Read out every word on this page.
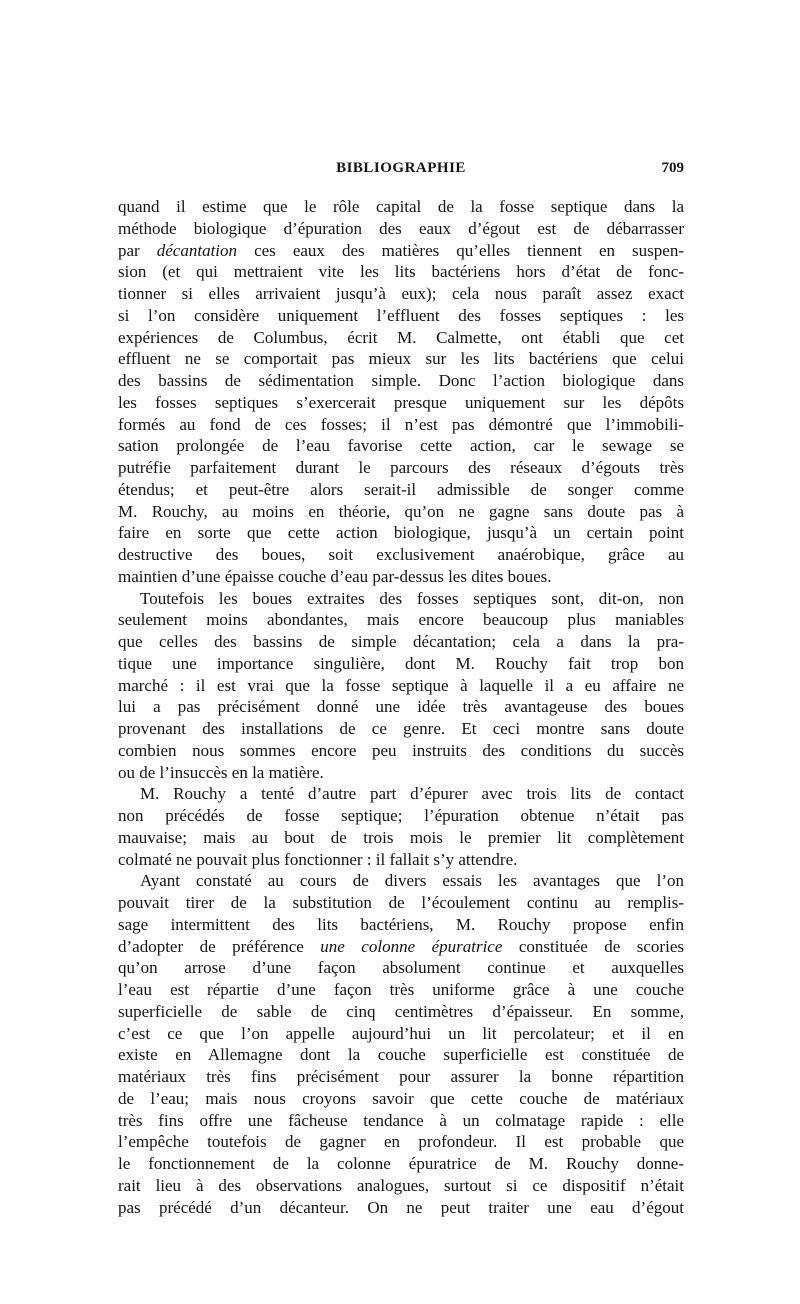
BIBLIOGRAPHIE	709
quand il estime que le rôle capital de la fosse septique dans la
méthode biologique d’épuration des eaux d’égout est de débarrasser
par décantation ces eaux des matières qu’elles tiennent en suspen-
sion (et qui mettraient vite les lits bactériens hors d’état de fonc-
tionner si elles arrivaient jusqu’à eux); cela nous paraît assez exact
si l’on considère uniquement l’effluent des fosses septiques : les
expériences de Columbus, écrit M. Calmette, ont établi que cet
effluent ne se comportait pas mieux sur les lits bactériens que celui
des bassins de sédimentation simple. Donc l’action biologique dans
les fosses septiques s’exercerait presque uniquement sur les dépôts
formés au fond de ces fosses; il n’est pas démontré que l’immobili-
sation prolongée de l’eau favorise cette action, car le sewage se
putréfie parfaitement durant le parcours des réseaux d’égouts très
étendus; et peut-être alors serait-il admissible de songer comme
M. Rouchy, au moins en théorie, qu’on ne gagne sans doute pas à
faire en sorte que cette action biologique, jusqu’à un certain point
destructive des boues, soit exclusivement anaérobique, grâce au
maintien d’une épaisse couche d’eau par-dessus les dites boues.
Toutefois les boues extraites des fosses septiques sont, dit-on, non
seulement moins abondantes, mais encore beaucoup plus maniables
que celles des bassins de simple décantation; cela a dans la pra-
tique une importance singulière, dont M. Rouchy fait trop bon
marché : il est vrai que la fosse septique à laquelle il a eu affaire ne
lui a pas précisément donné une idée très avantageuse des boues
provenant des installations de ce genre. Et ceci montre sans doute
combien nous sommes encore peu instruits des conditions du succès
ou de l’insuccès en la matière.
M. Rouchy a tenté d’autre part d’épurer avec trois lits de contact
non précédés de fosse septique; l’épuration obtenue n’était pas
mauvaise; mais au bout de trois mois le premier lit complètement
colmaté ne pouvait plus fonctionner : il fallait s’y attendre.
Ayant constaté au cours de divers essais les avantages que l’on
pouvait tirer de la substitution de l’écoulement continu au remplis-
sage intermittent des lits bactériens, M. Rouchy propose enfin
d’adopter de préférence une colonne épuratrice constituée de scories
qu’on arrose d’une façon absolument continue et auxquelles
l’eau est répartie d’une façon très uniforme grâce à une couche
superficielle de sable de cinq centimètres d’épaisseur. En somme,
c’est ce que l’on appelle aujourd’hui un lit percolateur; et il en
existe en Allemagne dont la couche superficielle est constituée de
matériaux très fins précisément pour assurer la bonne répartition
de l’eau; mais nous croyons savoir que cette couche de matériaux
très fins offre une fâcheuse tendance à un colmatage rapide : elle
l’empêche toutefois de gagner en profondeur. Il est probable que
le fonctionnement de la colonne épuratrice de M. Rouchy donne-
rait lieu à des observations analogues, surtout si ce dispositif n’était
pas précédé d’un décanteur. On ne peut traiter une eau d’égout
